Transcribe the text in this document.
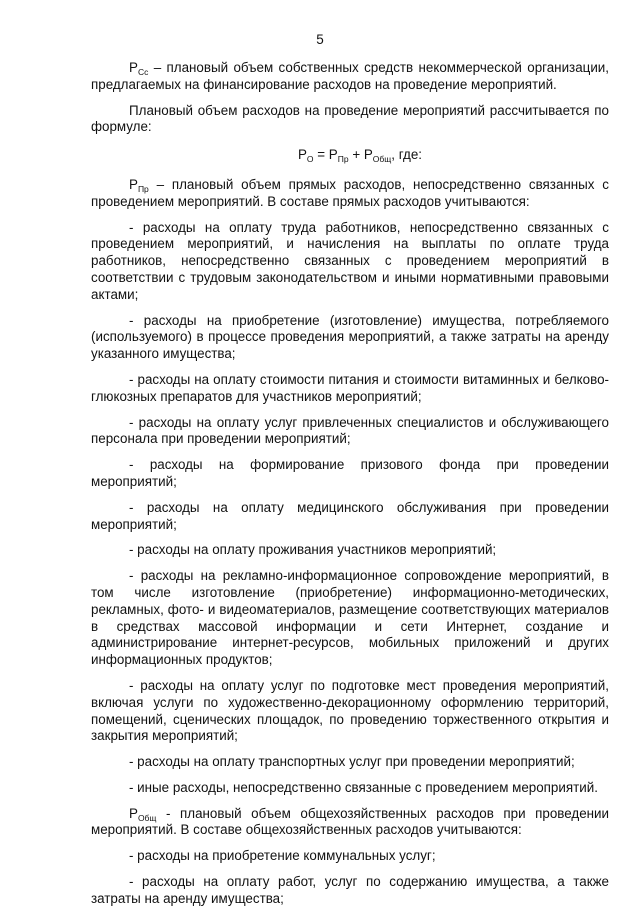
5

$P_{Сс}$ – плановый объем собственных средств некоммерческой организации, предлагаемых на финансирование расходов на проведение мероприятий.

Плановый объем расходов на проведение мероприятий рассчитывается по формуле:

$P_О = P_{Пр} + P_{Общ}$, где:

$P_{Пр}$ – плановый объем прямых расходов, непосредственно связанных с проведением мероприятий. В составе прямых расходов учитываются:

- расходы на оплату труда работников, непосредственно связанных с проведением мероприятий, и начисления на выплаты по оплате труда работников, непосредственно связанных с проведением мероприятий в соответствии с трудовым законодательством и иными нормативными правовыми актами;

- расходы на приобретение (изготовление) имущества, потребляемого (используемого) в процессе проведения мероприятий, а также затраты на аренду указанного имущества;

- расходы на оплату стоимости питания и стоимости витаминных и белково-глюкозных препаратов для участников мероприятий;

- расходы на оплату услуг привлеченных специалистов и обслуживающего персонала при проведении мероприятий;

- расходы на формирование призового фонда при проведении мероприятий;

- расходы на оплату медицинского обслуживания при проведении мероприятий;

- расходы на оплату проживания участников мероприятий;

- расходы на рекламно-информационное сопровождение мероприятий, в том числе изготовление (приобретение) информационно-методических, рекламных, фото- и видеоматериалов, размещение соответствующих материалов в средствах массовой информации и сети Интернет, создание и администрирование интернет-ресурсов, мобильных приложений и других информационных продуктов;

- расходы на оплату услуг по подготовке мест проведения мероприятий, включая услуги по художественно-декорационному оформлению территорий, помещений, сценических площадок, по проведению торжественного открытия и закрытия мероприятий;

- расходы на оплату транспортных услуг при проведении мероприятий;

- иные расходы, непосредственно связанные с проведением мероприятий.

$P_{Общ}$ - плановый объем общехозяйственных расходов при проведении мероприятий. В составе общехозяйственных расходов учитываются:

- расходы на приобретение коммунальных услуг;

- расходы на оплату работ, услуг по содержанию имущества, а также затраты на аренду имущества;
